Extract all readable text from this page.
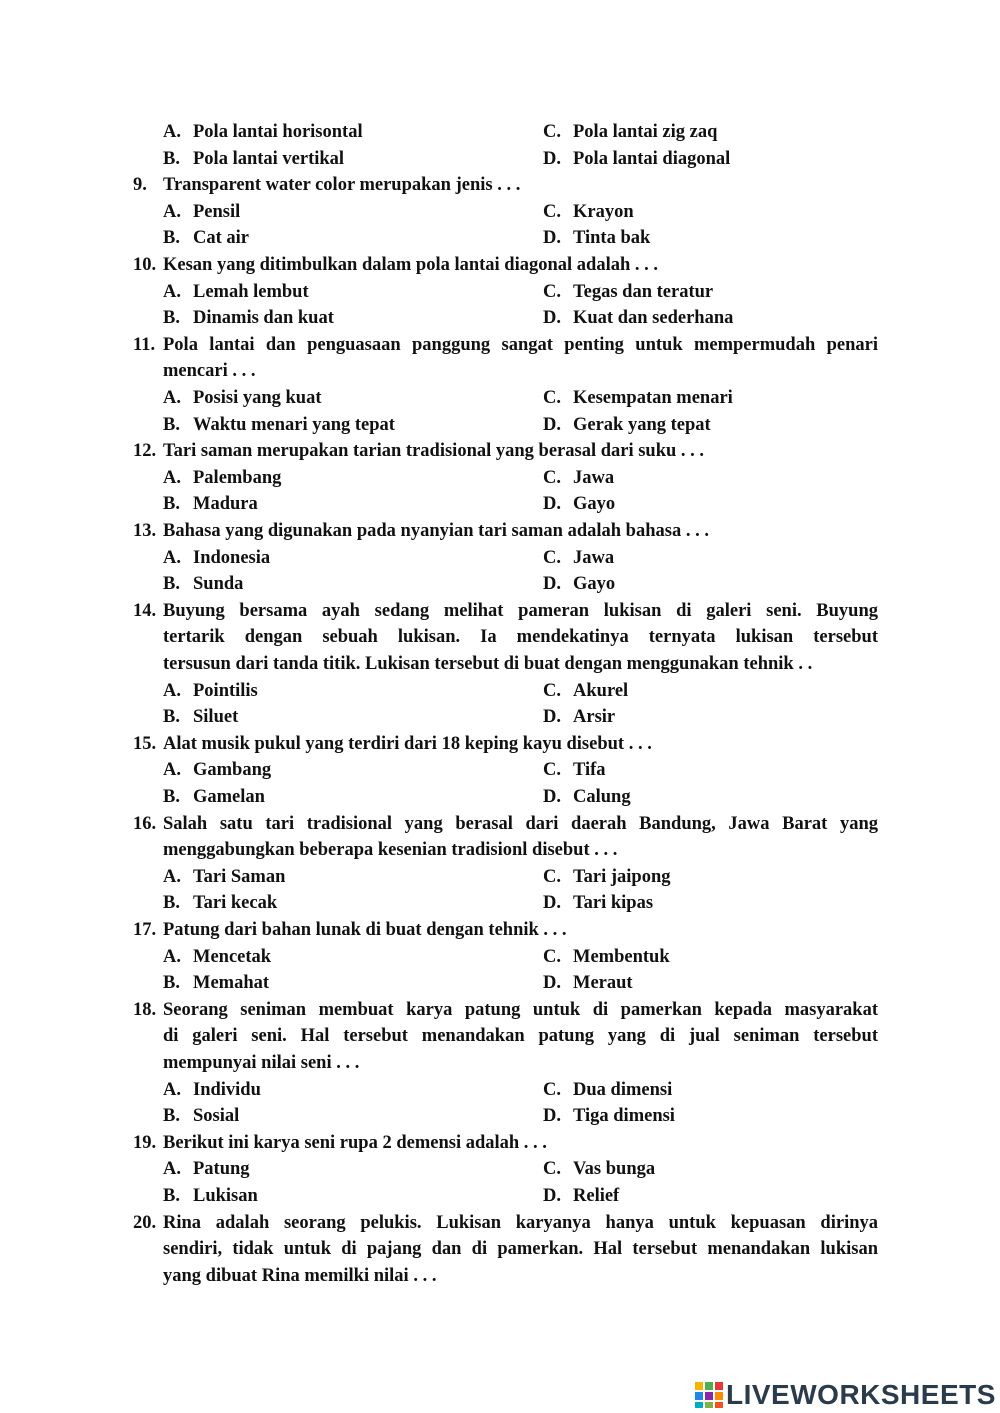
A. Pola lantai horisontal	C. Pola lantai zig zaq
B. Pola lantai vertikal	D. Pola lantai diagonal
Transparent water color merupakan jenis . . .
9.
A. Pensil	C. Krayon
B. Cat air	D. Tinta bak
Kesan yang ditimbulkan dalam pola lantai diagonal adalah . . .
10.
A. Lemah lembut	C. Tegas dan teratur
B. Dinamis dan kuat	D. Kuat dan sederhana
Pola lantai dan penguasaan panggung sangat penting untuk mempermudah penari
11.
mencari . . .
A. Posisi yang kuat	C. Kesempatan menari
B. Waktu menari yang tepat	D. Gerak yang tepat
Tari saman merupakan tarian tradisional yang berasal dari suku . . .
12.
A. Palembang	C. Jawa
B. Madura	D. Gayo
Bahasa yang digunakan pada nyanyian tari saman adalah bahasa . . .
13.
A. Indonesia	C. Jawa
B. Sunda	D. Gayo
Buyung bersama ayah sedang melihat pameran lukisan di galeri seni. Buyung
14.
tertarik dengan sebuah lukisan. Ia mendekatinya ternyata lukisan tersebut
tersusun dari tanda titik. Lukisan tersebut di buat dengan menggunakan tehnik . .
A. Pointilis	C. Akurel
B. Siluet	D. Arsir
Alat musik pukul yang terdiri dari 18 keping kayu disebut . . .
15.
A. Gambang	C. Tifa
B. Gamelan	D. Calung
Salah satu tari tradisional yang berasal dari daerah Bandung, Jawa Barat yang
16.
menggabungkan beberapa kesenian tradisionl disebut . . .
A. Tari Saman	C. Tari jaipong
B. Tari kecak	D. Tari kipas
Patung dari bahan lunak di buat dengan tehnik . . .
17.
A. Mencetak	C. Membentuk
B. Memahat	D. Meraut
Seorang seniman membuat karya patung untuk di pamerkan kepada masyarakat
18.
di galeri seni. Hal tersebut menandakan patung yang di jual seniman tersebut
mempunyai nilai seni . . .
A. Individu	C. Dua dimensi
B. Sosial	D. Tiga dimensi
Berikut ini karya seni rupa 2 demensi adalah . . .
19.
A. Patung	C. Vas bunga
B. Lukisan	D. Relief
Rina adalah seorang pelukis. Lukisan karyanya hanya untuk kepuasan dirinya
20.
sendiri, tidak untuk di pajang dan di pamerkan. Hal tersebut menandakan lukisan
yang dibuat Rina memilki nilai . . .
LIVEWORKSHEETS
